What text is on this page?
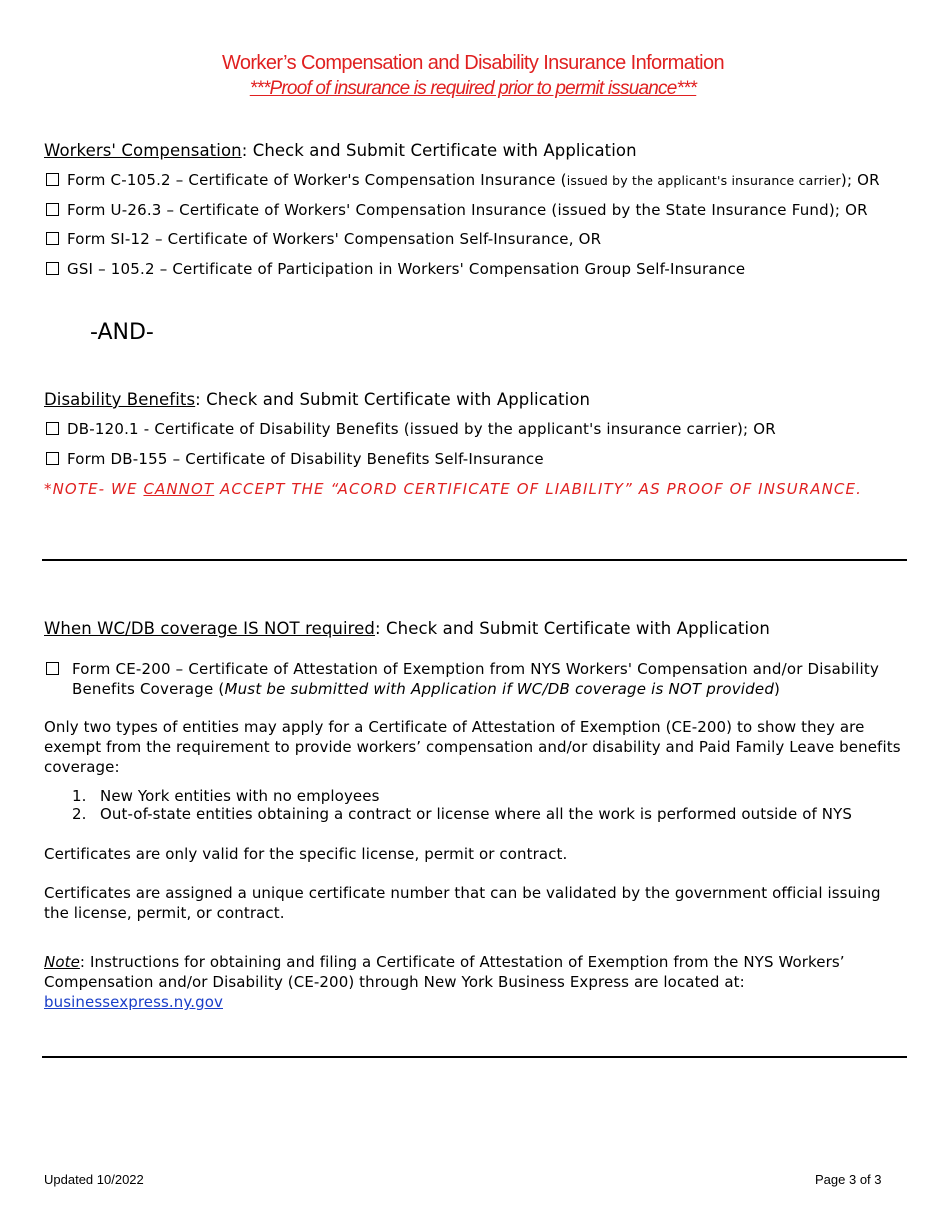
Worker’s Compensation and Disability Insurance Information
***Proof of insurance is required prior to permit issuance***
Workers' Compensation: Check and Submit Certificate with Application
Form C-105.2 – Certificate of Worker's Compensation Insurance (issued by the applicant's insurance carrier); OR
Form U-26.3 – Certificate of Workers' Compensation Insurance (issued by the State Insurance Fund); OR
Form SI-12 – Certificate of Workers' Compensation Self-Insurance, OR
GSI – 105.2 – Certificate of Participation in Workers' Compensation Group Self-Insurance
-AND-
Disability Benefits: Check and Submit Certificate with Application
DB-120.1 - Certificate of Disability Benefits (issued by the applicant's insurance carrier); OR
Form DB-155 – Certificate of Disability Benefits Self-Insurance
*NOTE- WE CANNOT ACCEPT THE “ACORD CERTIFICATE OF LIABILITY” AS PROOF OF INSURANCE.
When WC/DB coverage IS NOT required: Check and Submit Certificate with Application
Form CE-200 – Certificate of Attestation of Exemption from NYS Workers' Compensation and/or Disability
Benefits Coverage (Must be submitted with Application if WC/DB coverage is NOT provided)
Only two types of entities may apply for a Certificate of Attestation of Exemption (CE-200) to show they are exempt from the requirement to provide workers’ compensation and/or disability and Paid Family Leave benefits coverage:
1. New York entities with no employees
2. Out-of-state entities obtaining a contract or license where all the work is performed outside of NYS
Certificates are only valid for the specific license, permit or contract.
Certificates are assigned a unique certificate number that can be validated by the government official issuing the license, permit, or contract.
Note: Instructions for obtaining and filing a Certificate of Attestation of Exemption from the NYS Workers’ Compensation and/or Disability (CE-200) through New York Business Express are located at:
businessexpress.ny.gov
Updated 10/2022	Page 3 of 3
